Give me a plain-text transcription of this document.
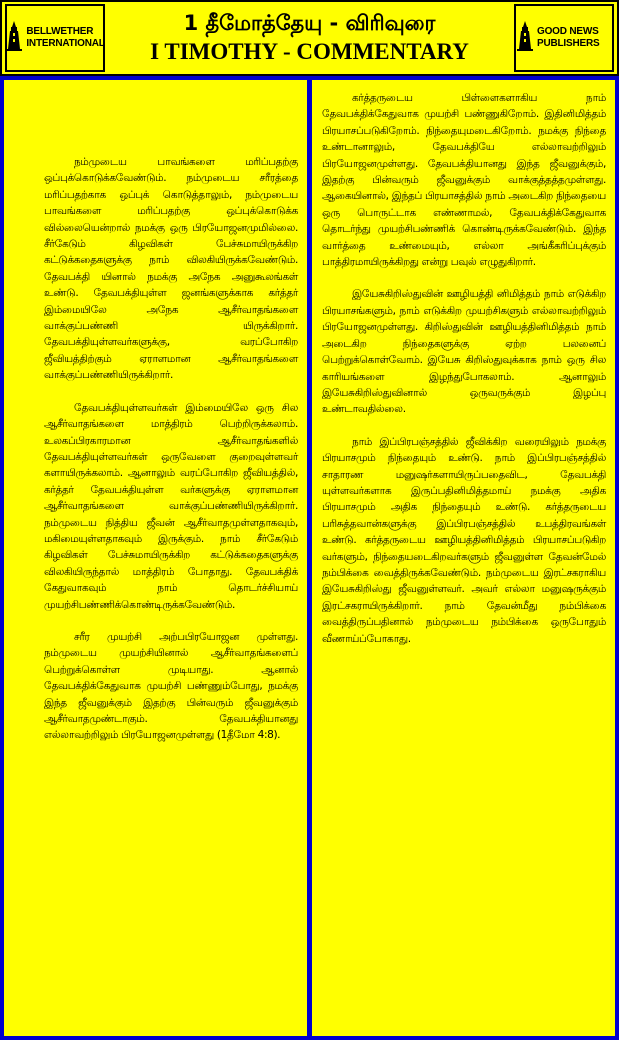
BELLWETHER INTERNATIONAL
1 தீமோத்தேயு - விரிவுரை
I TIMOTHY - COMMENTARY
GOOD NEWS PUBLISHERS

நம்முடைய பாவங்களை மரிப்பதற்கு ஒப்புக்கொடுக்கவேண்டும். நம்முடைய சரீரத்தை மரிப்பதற்காக ஒப்புக் கொடுத்தாலும், நம்முடைய பாவங்களை மரிப்பதற்கு ஒப்புக்கொடுக்க வில்லையென்றால் நமக்கு ஒரு பிரயோஜனமுமில்லை. சீர்கேடும் கிழவிகள் பேச்சுமாயிருக்கிற கட்டுக்கதைகளுக்கு நாம் விலகியிருக்கவேண்டும். தேவபக்தி யினால் நமக்கு அநேக அனுகூலங்கள் உண்டு. தேவபக்தியுள்ள ஜனங்களுக்காக கர்த்தர் இம்மையிலே அநேக ஆசீர்வாதங்களை வாக்குப்பண்ணி யிருக்கிறார். தேவபக்தியுள்ளவர்களுக்கு, வரப்போகிற ஜீவியத்திற்கும் ஏராளமான ஆசீர்வாதங்களை வாக்குப்பண்ணியிருக்கிறார்.

தேவபக்தியுள்ளவர்கள் இம்மையிலே ஒரு சில ஆசீர்வாதங்களை மாத்திரம் பெற்றிருக்கலாம். உலகப்பிரகாரமான ஆசீர்வாதங்களில் தேவபக்தியுள்ளவர்கள் ஒருவேளை குறைவுள்ளவர் களாயிருக்கலாம். ஆனாலும் வரப்போகிற ஜீவியத்தில், கர்த்தர் தேவபக்தியுள்ள வர்களுக்கு ஏராளமான ஆசீர்வாதங்களை வாக்குப்பண்ணியிருக்கிறார். நம்முடைய நித்திய ஜீவன் ஆசீர்வாதமுள்ளதாகவும், மகிமையுள்ளதாகவும் இருக்கும். நாம் சீர்கேடும் கிழவிகள் பேச்சுமாயிருக்கிற கட்டுக்கதைகளுக்கு விலகியிருந்தால் மாத்திரம் போதாது. தேவபக்திக் கேதுவாகவும் நாம் தொடர்ச்சியாய் முயற்சிபண்ணிக்கொண்டிருக்கவேண்டும்.

சரீர முயற்சி அற்பபிரயோஜன முள்ளது. நம்முடைய முயற்சியினால் ஆசீர்வாதங்களைப் பெற்றுக்கொள்ள முடியாது. ஆனால் தேவபக்திக்கேதுவாக முயற்சி பண்ணும்போது, நமக்கு இந்த ஜீவனுக்கும் இதற்கு பின்வரும் ஜீவனுக்கும் ஆசீர்வாதமுண்டாகும். தேவபக்தியானது எல்லாவற்றிலும் பிரயோஜனமுள்ளது (1தீமோ 4:8).

கர்த்தருடைய பிள்ளைகளாகிய நாம் தேவபக்திக்கேதுவாக முயற்சி பண்ணுகிறோம். இதினிமித்தம் பிரயாசப்படுகிறோம். நிந்தையுமடைகிறோம். நமக்கு நிந்தை உண்டானாலும், தேவபக்தியே எல்லாவற்றிலும் பிரயோஜனமுள்ளது. தேவபக்தியானது இந்த ஜீவனுக்கும், இதற்கு பின்வரும் ஜீவனுக்கும் வாக்குத்தத்தமுள்ளது. ஆகையினால், இந்தப் பிரயாசத்தில் நாம் அடைகிற நிந்தையை ஒரு பொருட்டாக எண்ணாமல், தேவபக்திக்கேதுவாக தொடர்ந்து முயற்சிபண்ணிக் கொண்டிருக்கவேண்டும். இந்த வார்த்தை உண்மையும், எல்லா அங்கீகரிப்புக்கும் பாத்திரமாயிருக்கிறது என்று பவுல் எழுதுகிறார்.

இயேசுகிறிஸ்துவின் ஊழியத்தி னிமித்தம் நாம் எடுக்கிற பிரயாசங்களும், நாம் எடுக்கிற முயற்சிகளும் எல்லாவற்றிலும் பிரயோஜனமுள்ளது. கிறிஸ்துவின் ஊழியத்தினிமித்தம் நாம் அடைகிற நிந்தைகளுக்கு ஏற்ற பலனைப் பெற்றுக்கொள்வோம். இயேசு கிறிஸ்துவுக்காக நாம் ஒரு சில காரியங்களை இழந்துபோகலாம். ஆனாலும் இயேசுகிறிஸ்துவினால் ஒருவருக்கும் இழப்பு உண்டாவதில்லை.

நாம் இப்பிரபஞ்சத்தில் ஜீவிக்கிற வரையிலும் நமக்கு பிரயாசமும் நிந்தையும் உண்டு. நாம் இப்பிரபஞ்சத்தில் சாதாரண மனுஷர்களாயிருப்பதைவிட, தேவபக்தி யுள்ளவர்களாக இருப்பதினிமித்தமாய் நமக்கு அதிக பிரயாசமும் அதிக நிந்தையும் உண்டு. கர்த்தருடைய பரிசுத்தவான்களுக்கு இப்பிரபஞ்சத்தில் உபத்திரவங்கள் உண்டு. கர்த்தருடைய ஊழியத்தினிமித்தம் பிரயாசப்படுகிற வர்களும், நிந்தையடைகிறவர்களும் ஜீவனுள்ள தேவன்மேல் நம்பிக்கை வைத்திருக்கவேண்டும். நம்முடைய இரட்சகராகிய இயேசுகிறிஸ்து ஜீவனுள்ளவர். அவர் எல்லா மனுஷருக்கும் இரட்சகராயிருக்கிறார். நாம் தேவன்மீது நம்பிக்கை வைத்திருப்பதினால் நம்முடைய நம்பிக்கை ஒருபோதும் வீணாய்ப்போகாது.
